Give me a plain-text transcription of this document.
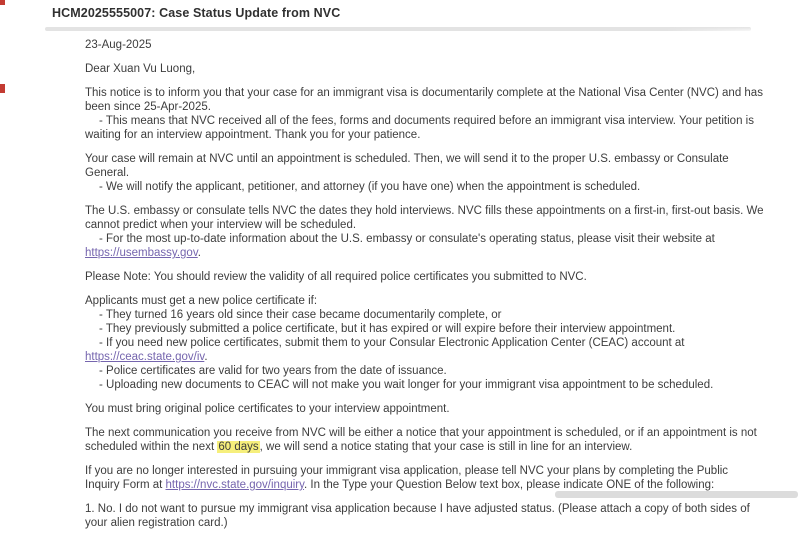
HCM2025555007: Case Status Update from NVC

23-Aug-2025

Dear Xuan Vu Luong,

This notice is to inform you that your case for an immigrant visa is documentarily complete at the National Visa Center (NVC) and has been since 25-Apr-2025.
- This means that NVC received all of the fees, forms and documents required before an immigrant visa interview. Your petition is waiting for an interview appointment. Thank you for your patience.
Your case will remain at NVC until an appointment is scheduled. Then, we will send it to the proper U.S. embassy or Consulate General.
- We will notify the applicant, petitioner, and attorney (if you have one) when the appointment is scheduled.
The U.S. embassy or consulate tells NVC the dates they hold interviews. NVC fills these appointments on a first-in, first-out basis. We cannot predict when your interview will be scheduled.
- For the most up-to-date information about the U.S. embassy or consulate's operating status, please visit their website at https://usembassy.gov.

Please Note: You should review the validity of all required police certificates you submitted to NVC.

Applicants must get a new police certificate if:
- They turned 16 years old since their case became documentarily complete, or
- They previously submitted a police certificate, but it has expired or will expire before their interview appointment.
- If you need new police certificates, submit them to your Consular Electronic Application Center (CEAC) account at https://ceac.state.gov/iv.
- Police certificates are valid for two years from the date of issuance.
- Uploading new documents to CEAC will not make you wait longer for your immigrant visa appointment to be scheduled.

You must bring original police certificates to your interview appointment.

The next communication you receive from NVC will be either a notice that your appointment is scheduled, or if an appointment is not scheduled within the next 60 days, we will send a notice stating that your case is still in line for an interview.

If you are no longer interested in pursuing your immigrant visa application, please tell NVC your plans by completing the Public Inquiry Form at https://nvc.state.gov/inquiry. In the Type your Question Below text box, please indicate ONE of the following:

1. No. I do not want to pursue my immigrant visa application because I have adjusted status. (Please attach a copy of both sides of your alien registration card.)
